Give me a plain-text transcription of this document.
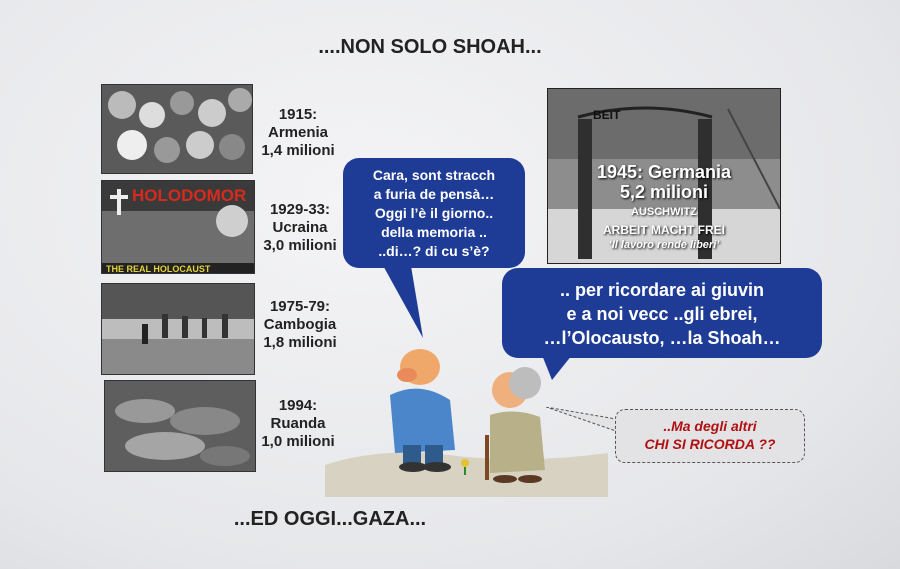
....NON SOLO SHOAH...
1915:
Armenia
1,4 milioni
HOLODOMOR
THE REAL HOLOCAUST
1929-33:
Ucraina
3,0 milioni
1975-79:
Cambogia
1,8 milioni
1994:
Ruanda
1,0 milioni
BEIT
1945: Germania
5,2 milioni
AUSCHWITZ
ARBEIT MACHT FREI
‘Il lavoro rende liberi’
Cara, sont stracch
a furia de pensà…
Oggi l’è il giorno..
della memoria ..
..di…? di cu s’è?
.. per ricordare ai giuvin
e a noi vecc ..gli ebrei,
…l’Olocausto, …la Shoah…
..Ma degli altri
CHI SI RICORDA ??
...ED OGGI...GAZA...
